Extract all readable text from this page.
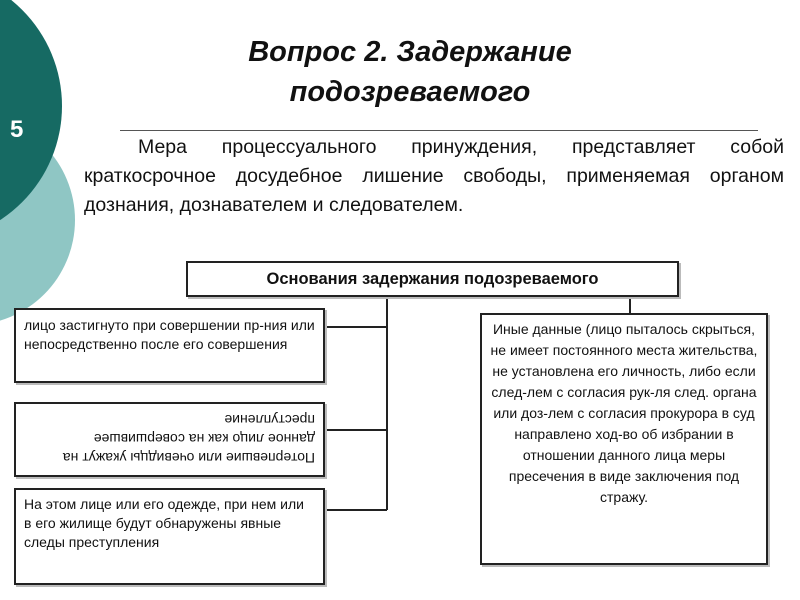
5
Вопрос 2. Задержание
подозреваемого
Мера процессуального принуждения, представляет собой краткосрочное досудебное лишение свободы, применяемая органом дознания, дознавателем и следователем.
Основания задержания подозреваемого
лицо застигнуто при совершении пр-ния или непосредственно после его совершения
Потерпевшие или очевидцы укажут на данное лицо как на совершившее преступление
На этом лице или его одежде, при нем или в его жилище будут обнаружены явные следы преступления
Иные данные (лицо пыталось скрыться, не имеет постоянного места жительства, не установлена его личность, либо если след-лем с согласия рук-ля след. органа или доз-лем с согласия прокурора в суд направлено ход-во об избрании в отношении данного лица меры пресечения в виде заключения под стражу.
